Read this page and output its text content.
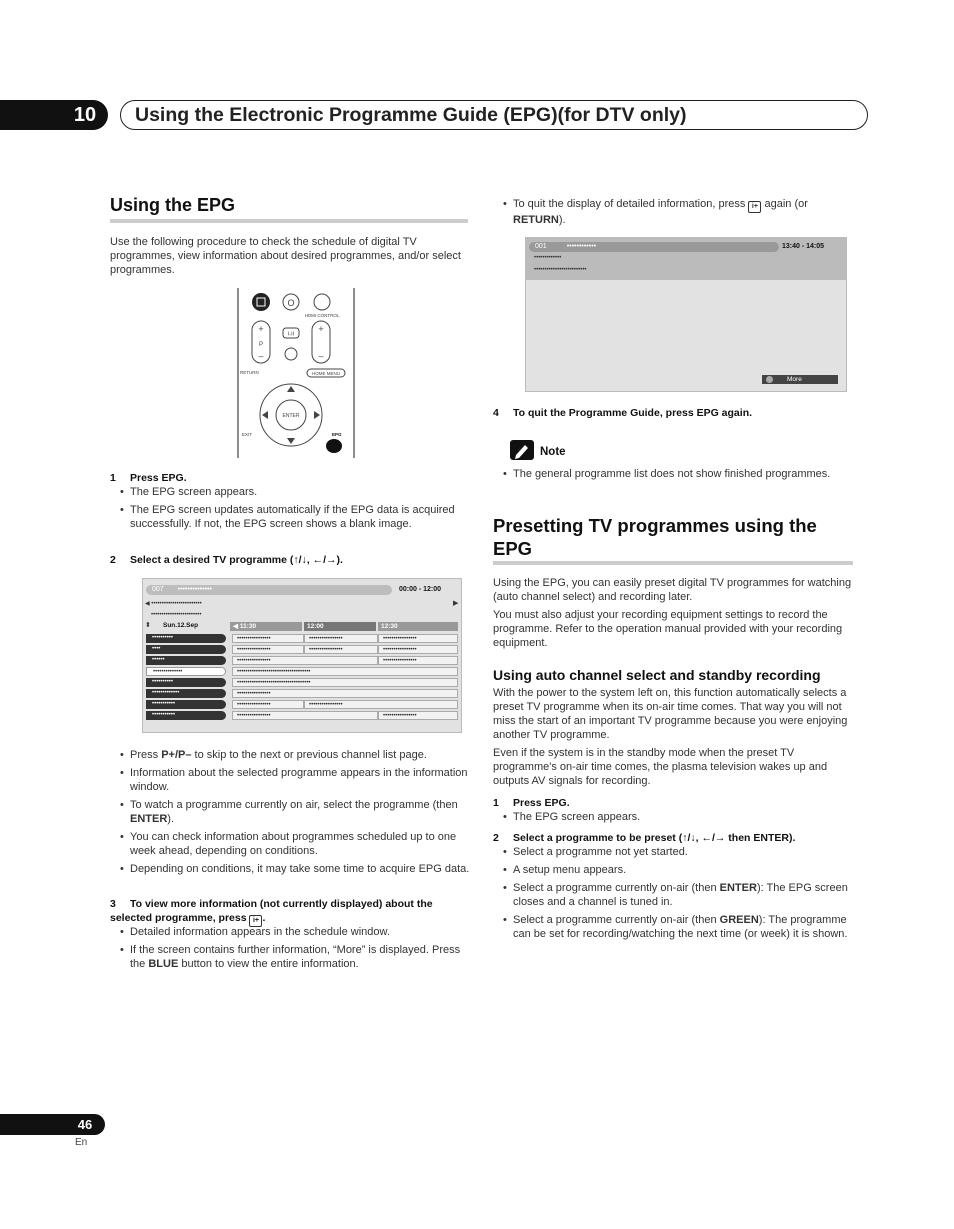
10	Using the Electronic Programme Guide (EPG)(for DTV only)
Using the EPG

Use the following procedure to check the schedule of digital TV programmes, view information about desired programmes, and/or select programmes.

O
HDMI CONTROL
P
+
–
I-II
+
–
RETURN	HOME MENU
ENTER
EXIT	EPG
1 Press EPG.
• The EPG screen appears.
• The EPG screen updates automatically if the EPG data is acquired successfully. If not, the EPG screen shows a blank image.
2 Select a desired TV programme (↑/↓, ←/→).
007 ••••••••••••••	00:00 - 12:00
◀ ••••••••••••••••••••••••	▶
••••••••••••••••••••••••
⬍ Sun.12.Sep	◀ 11:30	12:00	12:30
••••••••••	••••••••••••••••	••••••••••••••••	••••••••••••••••
••••	••••••••••••••••	••••••••••••••••	••••••••••••••••
••••••	••••••••••••••••	••••••••••••••••
••••••••••••••	•••••••••••••••••••••••••••••••••••
••••••••••	•••••••••••••••••••••••••••••••••••
•••••••••••••	••••••••••••••••
•••••••••••	••••••••••••••••	••••••••••••••••
•••••••••••	••••••••••••••••	••••••••••••••••
• Press P+/P– to skip to the next or previous channel list page.
• Information about the selected programme appears in the information window.
• To watch a programme currently on air, select the programme (then ENTER).
• You can check information about programmes scheduled up to one week ahead, depending on conditions.
• Depending on conditions, it may take some time to acquire EPG data.
3 To view more information (not currently displayed) about the selected programme, press i+ .
• Detailed information appears in the schedule window.
• If the screen contains further information, “More” is displayed. Press the BLUE button to view the entire information.
• To quit the display of detailed information, press i+ again (or RETURN).
001	••••••••••••	13:40 - 14:05
•••••••••••••
•••••••••••••••••••••••••
More
4 To quit the Programme Guide, press EPG again.
Note
• The general programme list does not show finished programmes.
Presetting TV programmes using the EPG

Using the EPG, you can easily preset digital TV programmes for watching (auto channel select) and recording later.

You must also adjust your recording equipment settings to record the programme. Refer to the operation manual provided with your recording equipment.

Using auto channel select and standby recording

With the power to the system left on, this function automatically selects a preset TV programme when its on-air time comes. That way you will not miss the start of an important TV programme because you were enjoying another TV programme.

Even if the system is in the standby mode when the preset TV programme's on-air time comes, the plasma television wakes up and outputs AV signals for recording.

1 Press EPG.
• The EPG screen appears.
2 Select a programme to be preset (↑/↓, ←/→ then ENTER).
• Select a programme not yet started.
• A setup menu appears.
• Select a programme currently on-air (then ENTER): The EPG screen closes and a channel is tuned in.
• Select a programme currently on-air (then GREEN): The programme can be set for recording/watching the next time (or week) it is shown.
46
En
